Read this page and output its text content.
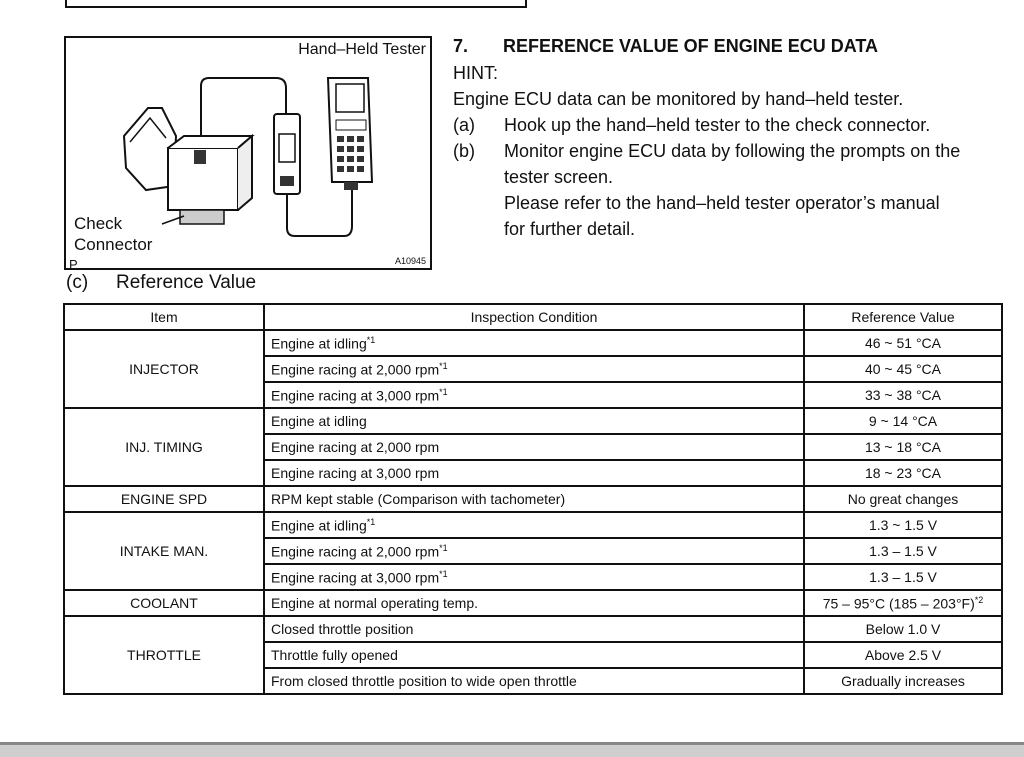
Hand–Held Tester
Check
Connector
A10945
P
7. REFERENCE VALUE OF ENGINE ECU DATA
HINT:
Engine ECU data can be monitored by hand–held tester.
(a)	Hook up the hand–held tester to the check connector.
(b)	Monitor engine ECU data by following the prompts on the
tester screen.
Please refer to the hand–held tester operator’s manual
for further detail.
(c) Reference Value
Item	Inspection Condition	Reference Value
INJECTOR	Engine at idling$^{*1}$	46 ~ 51 °CA
	Engine racing at 2,000 rpm$^{*1}$	40 ~ 45 °CA
	Engine racing at 3,000 rpm$^{*1}$	33 ~ 38 °CA
INJ. TIMING	Engine at idling	9 ~ 14 °CA
	Engine racing at 2,000 rpm	13 ~ 18 °CA
	Engine racing at 3,000 rpm	18 ~ 23 °CA
ENGINE SPD	RPM kept stable (Comparison with tachometer)	No great changes
INTAKE MAN.	Engine at idling$^{*1}$	1.3 ~ 1.5 V
	Engine racing at 2,000 rpm$^{*1}$	1.3 – 1.5 V
	Engine racing at 3,000 rpm$^{*1}$	1.3 – 1.5 V
COOLANT	Engine at normal operating temp.	75 – 95°C (185 – 203°F)$^{*2}$
THROTTLE	Closed throttle position	Below 1.0 V
	Throttle fully opened	Above 2.5 V
	From closed throttle position to wide open throttle	Gradually increases
